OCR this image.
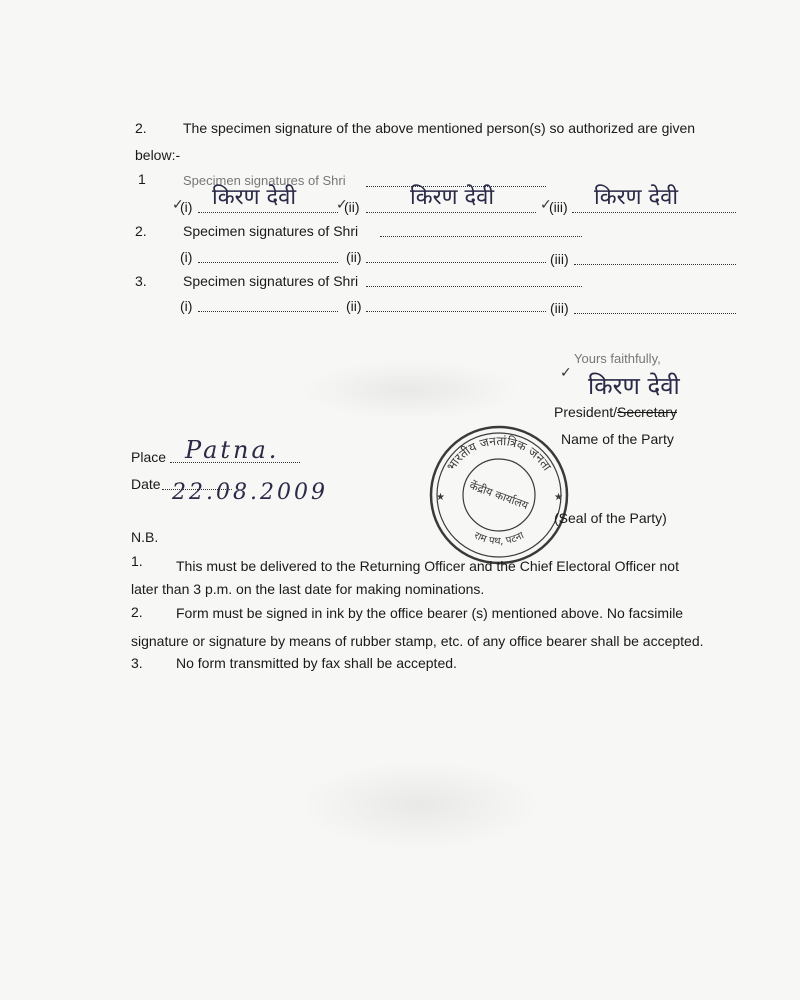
2.	The specimen signature of the above mentioned person(s) so authorized are given
below:-
1	Specimen signatures of Shri
✓
(i) किरण देवी	✓
(ii) किरण देवी	✓
(iii) किरण देवी
2.	Specimen signatures of Shri
(i)	(ii)	(iii)
3.	Specimen signatures of Shri
(i)	(ii)	(iii)
Yours faithfully,
✓ किरण देवी
President/Secretary
Name of the Party
Place Patna.
Date 22.08.2009
भारतीय जनतांत्रिक जनता
राम पथ, पटना
केंद्रीय कार्यालय
★	★
(Seal of the Party)
N.B.
1. This must be delivered to the Returning Officer and the Chief Electoral Officer not
later than 3 p.m. on the last date for making nominations.
2. Form must be signed in ink by the office bearer (s) mentioned above. No facsimile
signature or signature by means of rubber stamp, etc. of any office bearer shall be accepted.
3. No form transmitted by fax shall be accepted.
